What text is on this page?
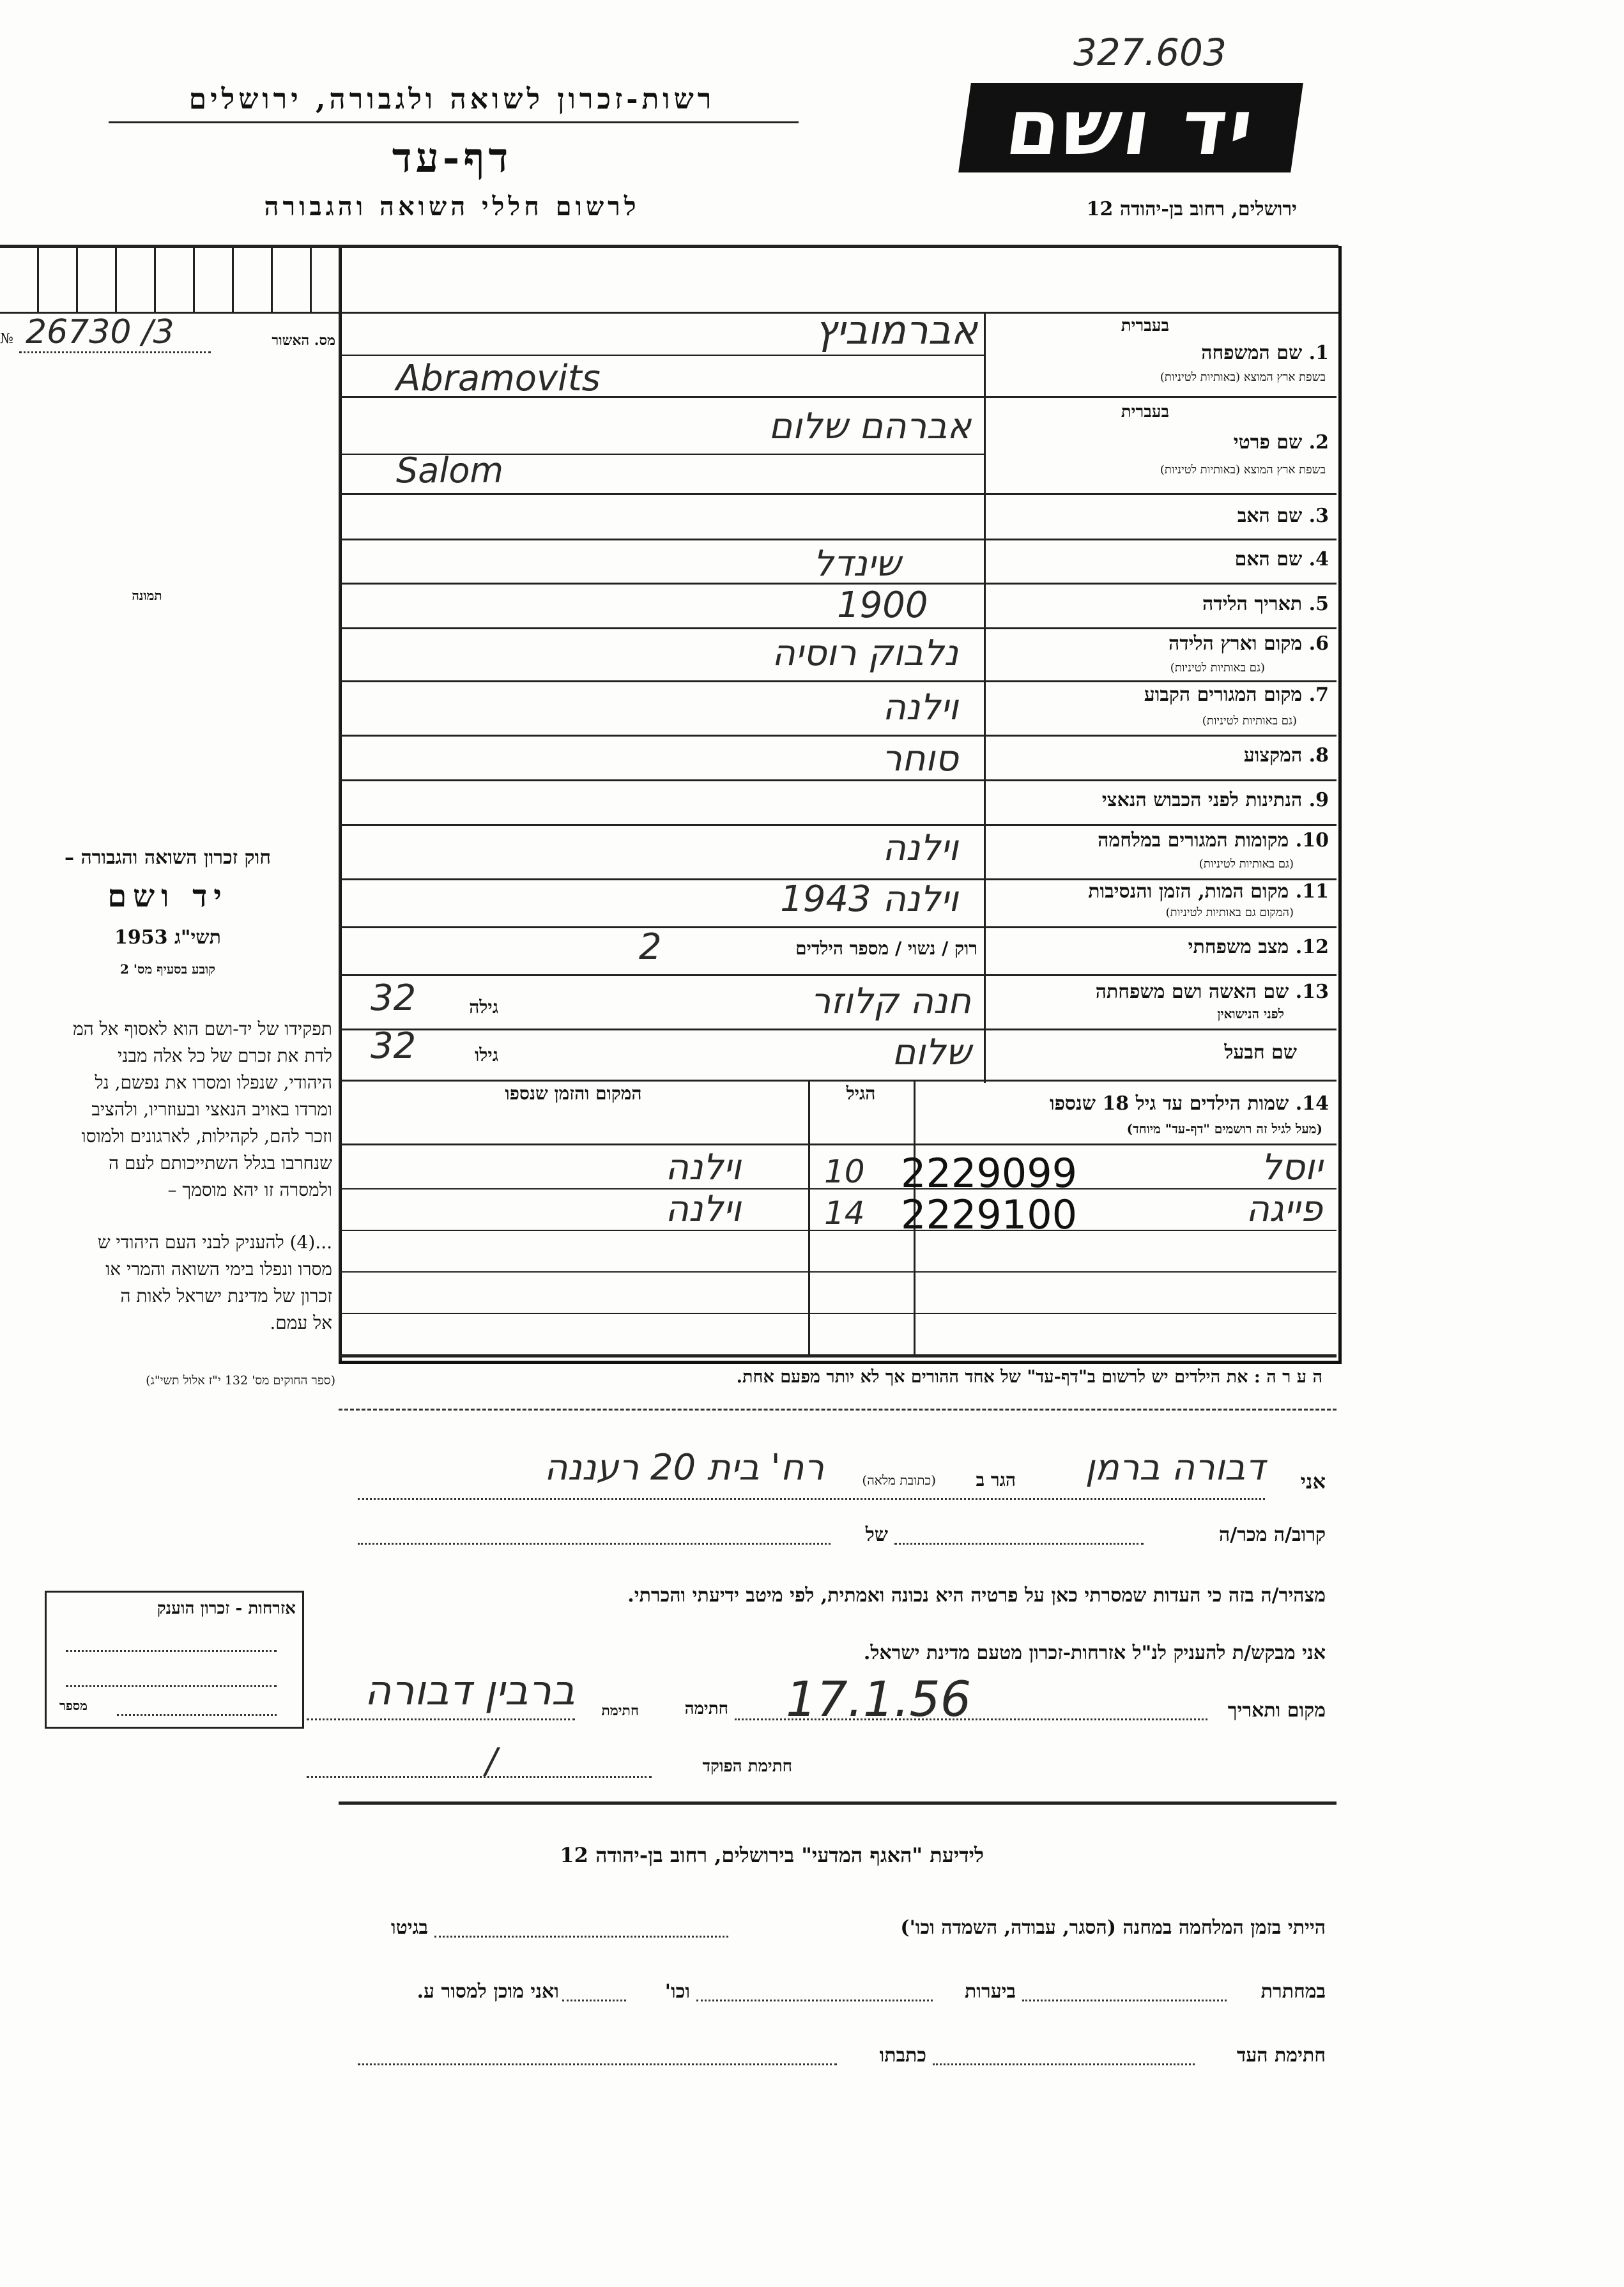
327.603
יד ושם
רשות-זכרון לשואה ולגבורה, ירושלים
דף-עד
לרשום חללי השואה והגבורה	ירושלים, רחוב בן-יהודה 12
№ 26730 /3	מס. האשור
תמונה
חוק זכרון השואה והגבורה –
יד ושם
תשי"ג 1953
קובע בסעיף מס' 2
תפקידו של יד-ושם הוא לאסוף אל המ
לדת את זכרם של כל אלה מבני
היהודי, שנפלו ומסרו את נפשם, נל
ומרדו באויב הנאצי ובעוזריו, ולהציב
וזכר להם, לקהילות, לארגונים ולמוסו
שנחרבו בגלל השתייכותם לעם ה
ולמסרה זו יהא מוסמך –
...(4) להעניק לבני העם היהודי ש
מסרו ונפלו בימי השואה והמרי או
זכרון של מדינת ישראל לאות ה
אל עמם.
(ספר החוקים מס' 132 י"ז אלול תשי"ג)
בעברית
1. שם המשפחה
בשפת ארץ המוצא (באותיות לטיניות)
אברמוביץ
Abramovits
בעברית
2. שם פרטי
בשפת ארץ המוצא (באותיות לטיניות)
אברהם שלום
Salom
3. שם האב
4. שם האם
שינדל
5. תאריך הלידה
1900
6. מקום וארץ הלידה
(גם באותיות לטיניות)
נלבוק רוסיה
7. מקום המגורים הקבוע
(גם באותיות לטיניות)
וילנה
8. המקצוע
סוחר
9. הנתינות לפני הכבוש הנאצי
10. מקומות המגורים במלחמה
(גם באותיות לטיניות)
וילנה
11. מקום המות, הזמן והנסיבות
(המקום גם באותיות לטיניות)
וילנה 1943
12. מצב משפחתי
רוק / נשוי / מספר הילדים
2
13. שם האשה ושם משפחתה
לפני הנישואין
חנה קלוזר
גילה
32
שם חבעל
שלום
גילו
32
14. שמות הילדים עד גיל 18 שנספו
(מעל לגיל זה רושמים "דף-עד" מיוחד)
הגיל
המקום והזמן שנספו
יוסל
2229099
10
וילנה
פייגה
2229100
14
וילנה
ה ע ר ה : את הילדים יש לרשום ב"דף-עד" של אחד ההורים אך לא יותר מפעם אחת.
אני
דבורה ברמן
הגר ב
(כתובת מלאה)
רח' בית 20 רעננה
קרוב/ה מכר/ה
של
מצהיר/ה בזה כי העדות שמסרתי כאן על פרטיה היא נכונה ואמתית, לפי מיטב ידיעתי והכרתי.
אני מבקש/ת להעניק לנ"ל אזרחות-זכרון מטעם מדינת ישראל.
מקום ותאריך
17.1.56
חתימה
חתימת
ברבין דבורה
חתימת הפוקד
/
אזרחות - זכרון הוענק
מספר
לידיעת "האגף המדעי" בירושלים, רחוב בן-יהודה 12
הייתי בזמן המלחמה במחנה (הסגר, עבודה, השמדה וכו')
בגיטו
במחתרת
ביערות
וכו'
ואני מוכן למסור ע.
חתימת העד
כתבתו
